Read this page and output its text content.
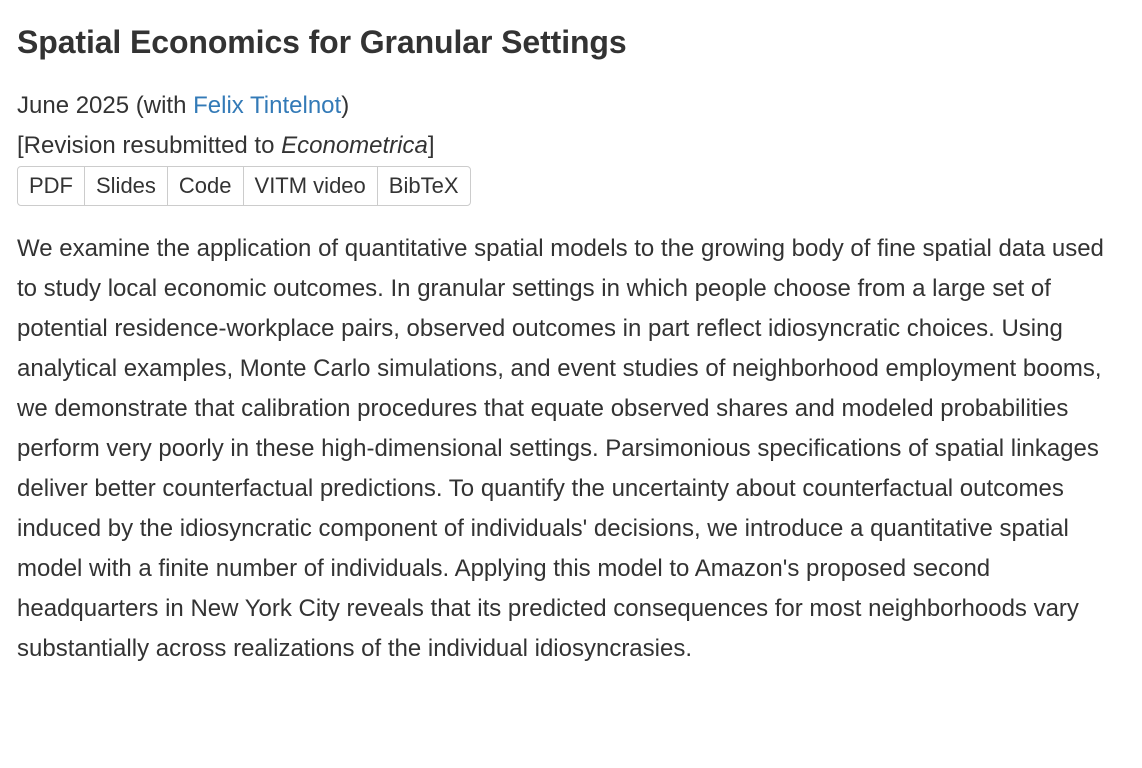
Spatial Economics for Granular Settings
June 2025 (with Felix Tintelnot)
[Revision resubmitted to Econometrica]
PDF	Slides	Code	VITM video	BibTeX

We examine the application of quantitative spatial models to the growing body of fine spatial data used to study local economic outcomes. In granular settings in which people choose from a large set of potential residence-workplace pairs, observed outcomes in part reflect idiosyncratic choices. Using analytical examples, Monte Carlo simulations, and event studies of neighborhood employment booms, we demonstrate that calibration procedures that equate observed shares and modeled probabilities perform very poorly in these high-dimensional settings. Parsimonious specifications of spatial linkages deliver better counterfactual predictions. To quantify the uncertainty about counterfactual outcomes induced by the idiosyncratic component of individuals' decisions, we introduce a quantitative spatial model with a finite number of individuals. Applying this model to Amazon's proposed second headquarters in New York City reveals that its predicted consequences for most neighborhoods vary substantially across realizations of the individual idiosyncrasies.
